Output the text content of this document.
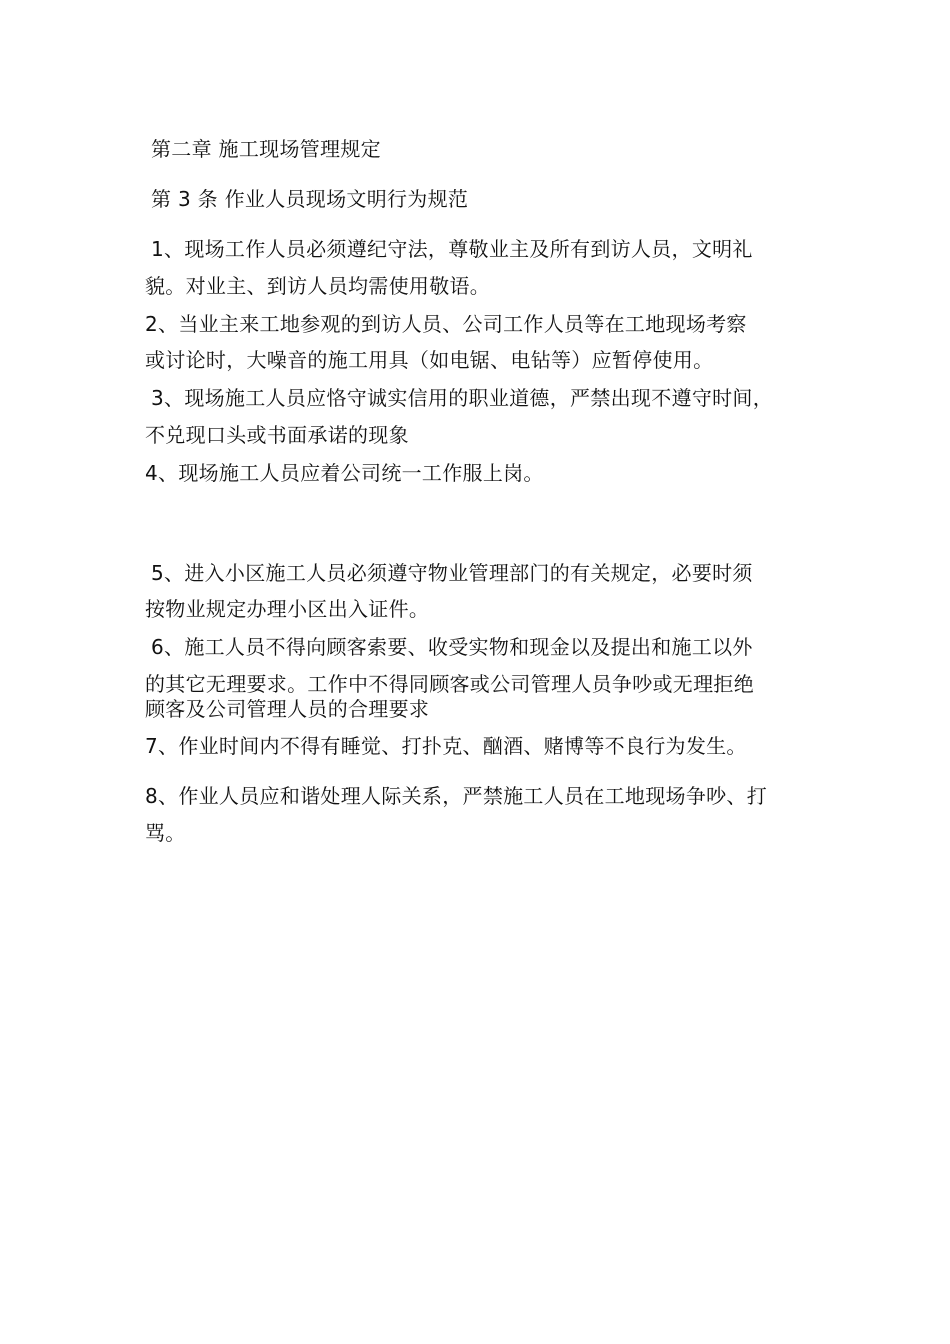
第二章 施工现场管理规定
第 3 条 作业人员现场文明行为规范
1、现场工作人员必须遵纪守法，尊敬业主及所有到访人员，文明礼
貌。对业主、到访人员均需使用敬语。
2、当业主来工地参观的到访人员、公司工作人员等在工地现场考察
或讨论时，大噪音的施工用具（如电锯、电钻等）应暂停使用。
3、现场施工人员应恪守诚实信用的职业道德，严禁出现不遵守时间，
不兑现口头或书面承诺的现象
4、现场施工人员应着公司统一工作服上岗。
5、进入小区施工人员必须遵守物业管理部门的有关规定，必要时须
按物业规定办理小区出入证件。
6、施工人员不得向顾客索要、收受实物和现金以及提出和施工以外
的其它无理要求。工作中不得同顾客或公司管理人员争吵或无理拒绝
顾客及公司管理人员的合理要求
7、作业时间内不得有睡觉、打扑克、酗酒、赌博等不良行为发生。
8、作业人员应和谐处理人际关系，严禁施工人员在工地现场争吵、打
骂。
